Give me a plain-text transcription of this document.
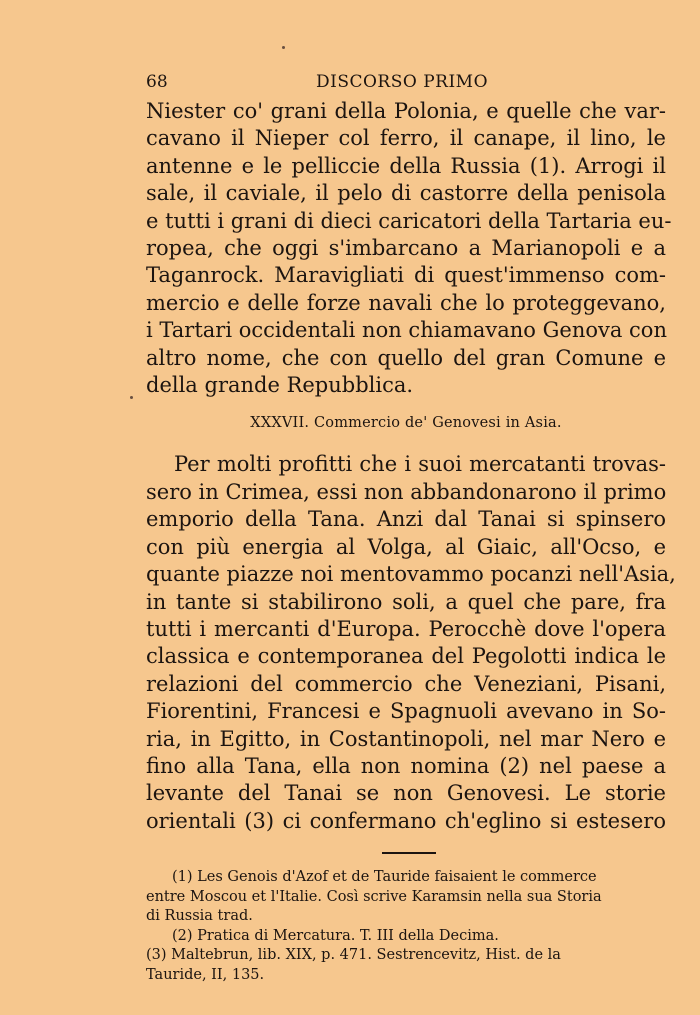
68	DISCORSO PRIMO
Niester co' grani della Polonia, e quelle che var-
cavano il Nieper col ferro, il canape, il lino, le
antenne e le pelliccie della Russia (1). Arrogi il
sale, il caviale, il pelo di castorre della penisola
e tutti i grani di dieci caricatori della Tartaria eu-
ropea, che oggi s'imbarcano a Marianopoli e a
Taganrock. Maravigliati di quest'immenso com-
mercio e delle forze navali che lo proteggevano,
i Tartari occidentali non chiamavano Genova con
altro nome, che con quello del gran Comune e
della grande Repubblica.
XXXVII. Commercio de' Genovesi in Asia.
Per molti profitti che i suoi mercatanti trovas-
sero in Crimea, essi non abbandonarono il primo
emporio della Tana. Anzi dal Tanai si spinsero
con più energia al Volga, al Giaic, all'Ocso, e
quante piazze noi mentovammo pocanzi nell'Asia,
in tante si stabilirono soli, a quel che pare, fra
tutti i mercanti d'Europa. Perocchè dove l'opera
classica e contemporanea del Pegolotti indica le
relazioni del commercio che Veneziani, Pisani,
Fiorentini, Francesi e Spagnuoli avevano in So-
ria, in Egitto, in Costantinopoli, nel mar Nero e
fino alla Tana, ella non nomina (2) nel paese a
levante del Tanai se non Genovesi. Le storie
orientali (3) ci confermano ch'eglino si estesero
(1) Les Genois d'Azof et de Tauride faisaient le commerce
entre Moscou et l'Italie. Così scrive Karamsin nella sua Storia
di Russia trad.
(2) Pratica di Mercatura. T. III della Decima.
(3) Maltebrun, lib. XIX, p. 471. Sestrencevitz, Hist. de la
Tauride, II, 135.
